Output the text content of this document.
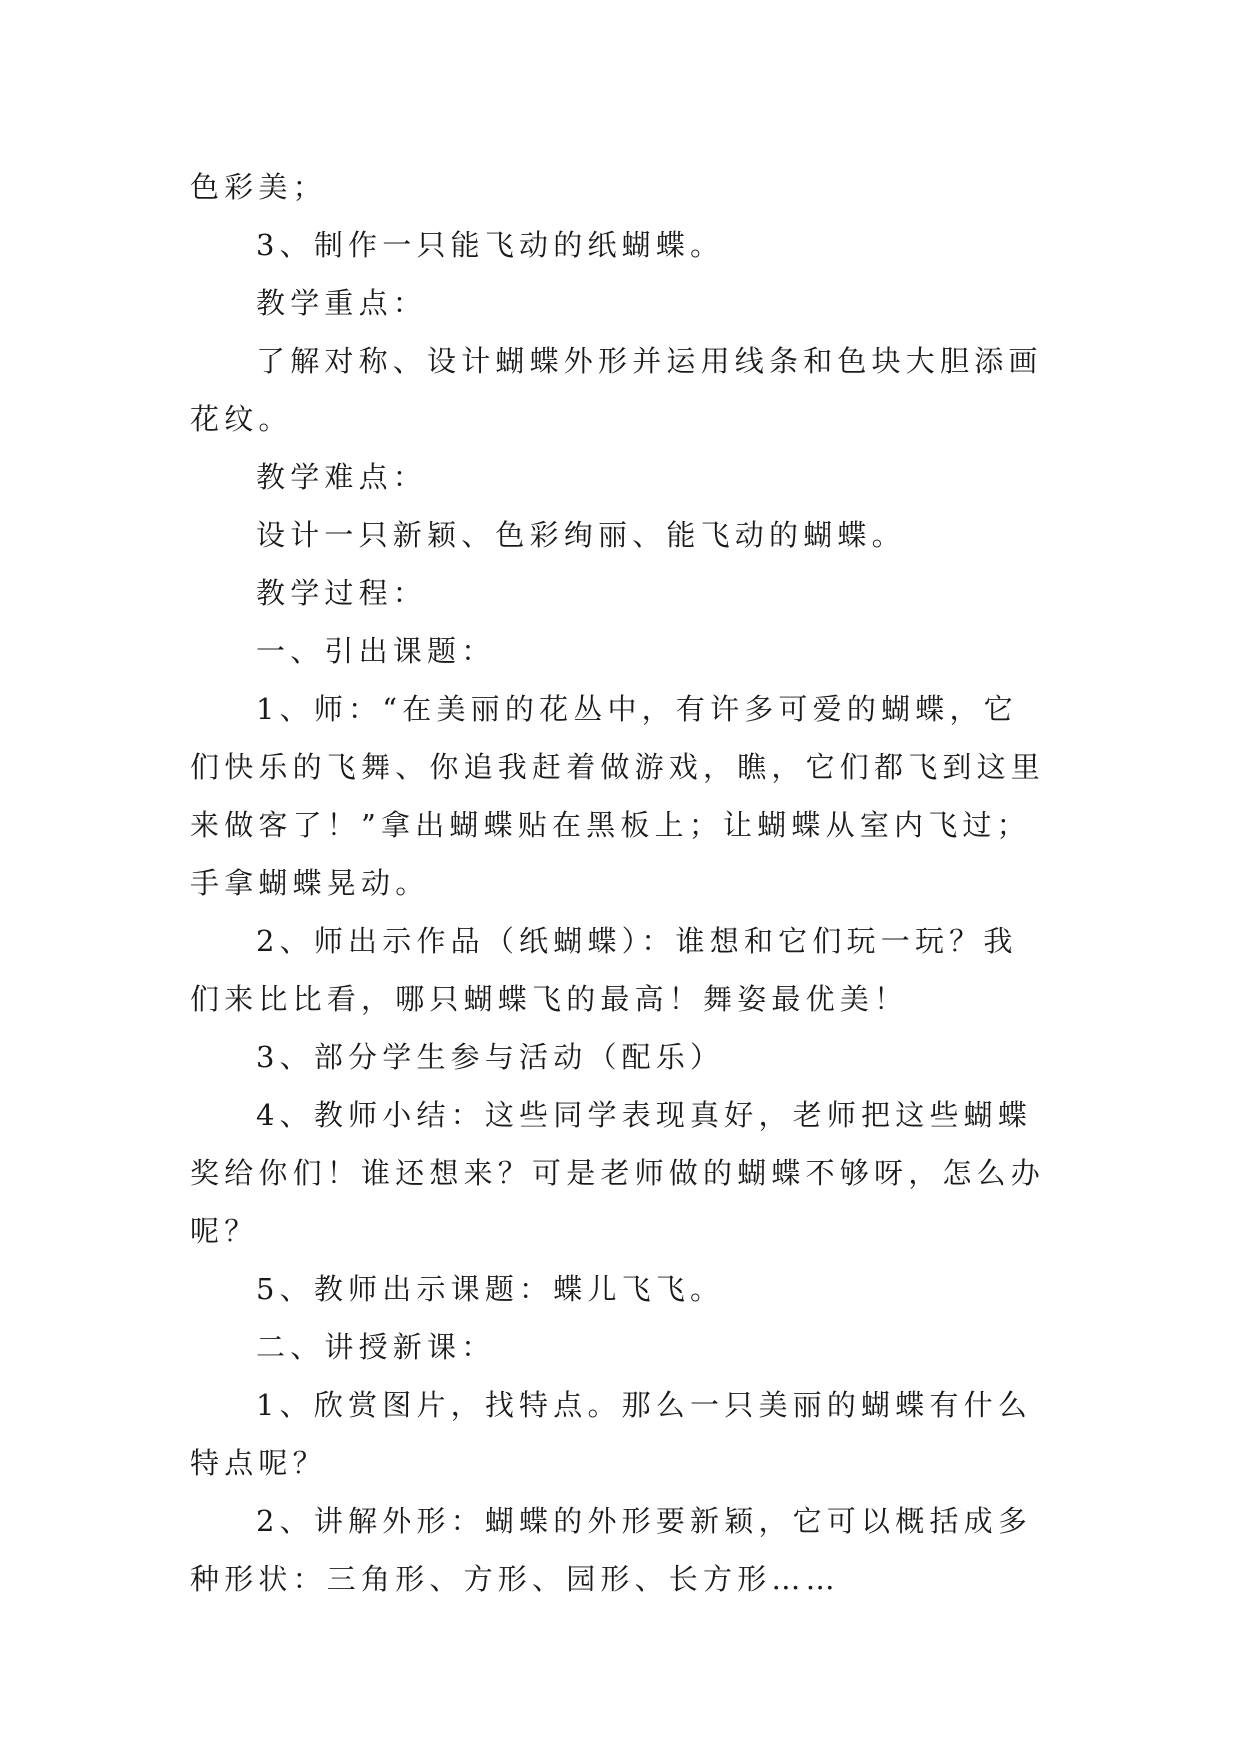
色彩美；

3、制作一只能飞动的纸蝴蝶。

教学重点：

了解对称、设计蝴蝶外形并运用线条和色块大胆添画花纹。

教学难点：

设计一只新颖、色彩绚丽、能飞动的蝴蝶。

教学过程：

一、引出课题：

1、师：“在美丽的花丛中，有许多可爱的蝴蝶，它们快乐的飞舞、你追我赶着做游戏，瞧，它们都飞到这里来做客了！”拿出蝴蝶贴在黑板上；让蝴蝶从室内飞过；手拿蝴蝶晃动。

2、师出示作品（纸蝴蝶）：谁想和它们玩一玩？我们来比比看，哪只蝴蝶飞的最高！舞姿最优美！

3、部分学生参与活动（配乐）

4、教师小结：这些同学表现真好，老师把这些蝴蝶奖给你们！谁还想来？可是老师做的蝴蝶不够呀，怎么办呢？

5、教师出示课题：蝶儿飞飞。

二、讲授新课：

1、欣赏图片，找特点。那么一只美丽的蝴蝶有什么特点呢？

2、讲解外形：蝴蝶的外形要新颖，它可以概括成多种形状：三角形、方形、园形、长方形……
